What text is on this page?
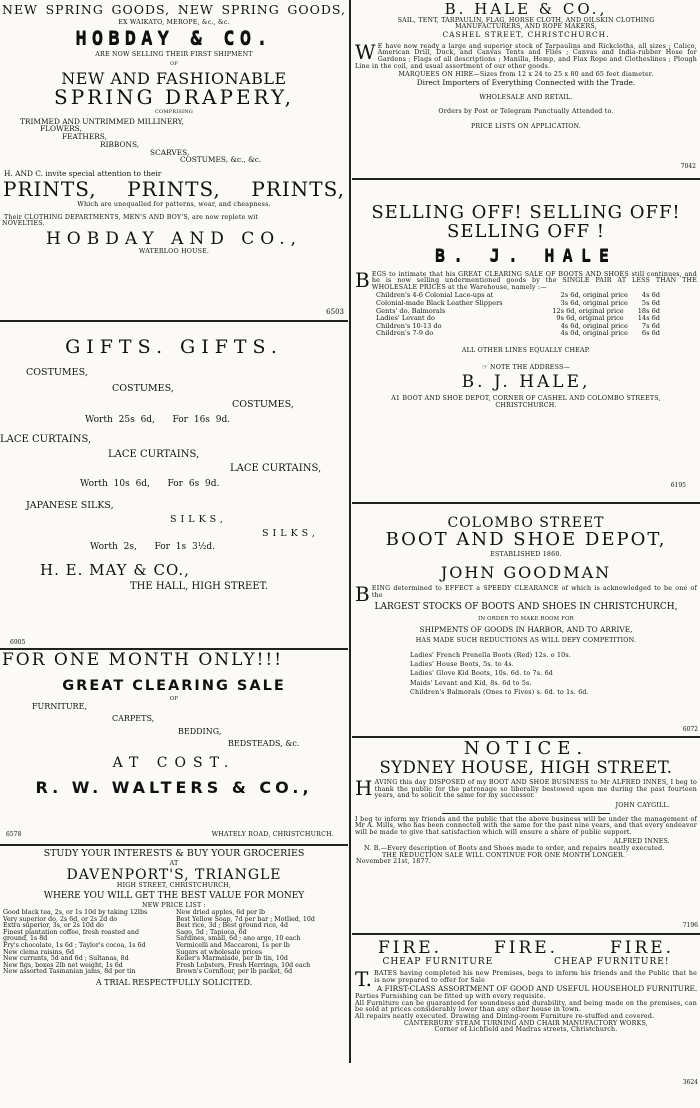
NEW SPRING GOODS, NEW SPRING GOODS,
EX WAIKATO, MEROPE, &c., &c.
HOBDAY & CO.
ARE NOW SELLING THEIR FIRST SHIPMENT
OF
NEW AND FASHIONABLE
SPRING DRAPERY,
COMPRISING
TRIMMED AND UNTRIMMED MILLINERY,
FLOWERS,
FEATHERS,
RIBBONS,
SCARVES,
COSTUMES, &c., &c.
H. AND C. invite special attention to their
PRINTS, PRINTS, PRINTS,
Which are unequalled for patterns, wear, and cheapness.
Their CLOTHING DEPARTMENTS, MEN'S AND BOY'S, are now replete wit
NOVELTIES.
HOBDAY AND CO.,
WATERLOO HOUSE.
6503
GIFTS. GIFTS.
COSTUMES,
COSTUMES,
COSTUMES,
Worth 25s 6d, For 16s 9d.
LACE CURTAINS,
LACE CURTAINS,
LACE CURTAINS,
Worth 10s 6d, For 6s 9d.
JAPANESE SILKS,
SILKS,
SILKS,
Worth 2s, For 1s 3½d.
H. E. MAY & CO.,
THE HALL, HIGH STREET.
6905
FOR ONE MONTH ONLY!!!
GREAT CLEARING SALE
OF
FURNITURE,
CARPETS,
BEDDING,
BEDSTEADS, &c.
AT COST.
R. W. WALTERS & CO.,
6578	WHATELY ROAD, CHRISTCHURCH.
STUDY YOUR INTERESTS & BUY YOUR GROCERIES
AT
DAVENPORT'S, TRIANGLE
HIGH STREET, CHRISTCHURCH,
WHERE YOU WILL GET THE BEST VALUE FOR MONEY
NEW PRICE LIST :
Good black tea, 2s, or 1s 10d by taking 12lbs	New dried apples, 6d per lb
Very superior do, 2s 6d, or 2s 2d do	Best Yellow Soap, 7d per bar ; Motlied, 10d
Extra superior, 3s, or 2s 10d do	Best rice, 3d ; Best ground rice, 4d
Finest plantation coffee, fresh roasted and	Sago, 5d ; Tapioca, 6d
ground, 1s 8d	Sardines, small, 6d ; ano arge, 10 each
Fry's chocolate, 1s 6d ; Taylor's cocoa, 1s 6d	Vermicelli and Maccaroni, 1s per lb
New clema raisins, 6d	Sugars at wholesale prices
New currants, 5d and 6d ; Sultanas, 8d	Keiler's Marmalade, per lb tin, 10d
New figs, boxes 2lb net weight, 1s 6d	Fresh Lobsters, Fresh Herrings, 10d each
New assorted Tasmanian jams, 8d per tin	Brown's Cornflour, per lb packet, 6d
A TRIAL RESPECTFULLY SOLICITED.
B. HALE & CO.,
SAIL, TENT, TARPAULIN, FLAG, HORSE CLOTH, AND OILSKIN CLOTHING
MANUFACTURERS, AND ROPE MAKERS,
CASHEL STREET, CHRISTCHURCH.
W E have now ready a large and superior stock of Tarpaulins and Rickcloths, all sizes ; Calico, American Drill, Duck, and Canvas Tents and Flies ; Canvas and India-rubber Hose for Gardens ; Flags of all descriptions ; Manilla, Hemp, and Flax Rope and Clotheslines ; Plough Line in the coil, and usual assortment of our other goods.
MARQUEES ON HIRE—Sizes from 12 x 24 to 25 x 80 and 65 feet diameter.
Direct Importers of Everything Connected with the Trade.
WHOLESALE AND RETAIL.
Orders by Post or Telegram Punctually Attended to.
PRICE LISTS ON APPLICATION.
7042
SELLING OFF! SELLING OFF!
SELLING OFF !
B. J. HALE
BEGS to intimate that his GREAT CLEARING SALE OF BOOTS AND SHOES still continues, and he is now selling undermentioned goods by the SINGLE PAIR AT LESS THAN THE WHOLESALE PRICES at the Warehouse, namely :—
Children's 4-6 Colonial Lace-ups at	2s 6d, original price 4s 6d
Colonial-made Black Leather Slippers	3s 6d, original price 5s 6d
Gents' do. Balmorals	12s 6d, original price 18s 6d
Ladies' Levant do	9s 6d, original price 14s 6d
Children's 10-13 do	4s 6d, original price 7s 6d
Children's 7-9 do	4s 0d, original price 6s 6d
ALL OTHER LINES EQUALLY CHEAP.
☞ NOTE THE ADDRESS—
B. J. HALE,
A1 BOOT AND SHOE DEPOT, CORNER OF CASHEL AND COLOMBO STREETS,
CHRISTCHURCH.
6195
COLOMBO STREET
BOOT AND SHOE DEPOT,
ESTABLISHED 1860.
JOHN GOODMAN
BEING determined to EFFECT a SPEEDY CLEARANCE of which is acknowledged to be one of the
LARGEST STOCKS OF BOOTS AND SHOES IN CHRISTCHURCH,
IN ORDER TO MAKE ROOM FOR
SHIPMENTS OF GOODS IN HARBOR, AND TO ARRIVE,
HAS MADE SUCH REDUCTIONS AS WILL DEFY COMPETITION.
Ladies' French Prenella Boots (Red) 12s. o 10s.
Ladies' House Boots, 5s. to 4s.
Ladies' Glove Kid Boots, 10s. 6d. to 7s. 6d
Maids' Levant and Kid, 8s. 6d to 5s.
Children's Balmorals (Ones to Fives) s. 6d. to 1s. 6d.
6072
NOTICE.
SYDNEY HOUSE, HIGH STREET.
HAVING this day DISPOSED of my BOOT AND SHOE BUSINESS to Mr ALFRED INNES, I beg to thank the public for the patronage so liberally bestowed upon me during the past fourteen years, and to solicit the same for my successor.
JOHN CAYGILL.
I beg to inform my friends and the public that the above business will be under the management of Mr A. Mills, who has been connected with the same for the past nine years, and that every endeavor will be made to give that satisfaction which will ensure a share of public support.
ALFRED INNES.
N. B.—Every description of Boots and Shoes made to order, and repairs neatly executed.
THE REDUCTION SALE WILL CONTINUE FOR ONE MONTH LONGER.
November 21st, 1877.
7196
FIRE.	FIRE.	FIRE.
CHEAP FURNITURE	CHEAP FURNITURE!
T. BATES having completed his new Premises, begs to inform his friends and the Public that he is now prepared to offer for Sale
A FIRST-CLASS ASSORTMENT OF GOOD AND USEFUL HOUSEHOLD FURNITURE.
Parties Furnishing can be fitted up with every requisite.
All Furniture can be guaranteed for soundness and durability, and being made on the premises, can be sold at prices considerably lower than any other house in town.
All repairs neatly executed. Drawing and Dining-room Furniture re-stuffed and covered.
CANTERBURY STEAM TURNING AND CHAIR MANUFACTORY WORKS,
Corner of Lichfield and Madras streets, Christchurch.
3624
